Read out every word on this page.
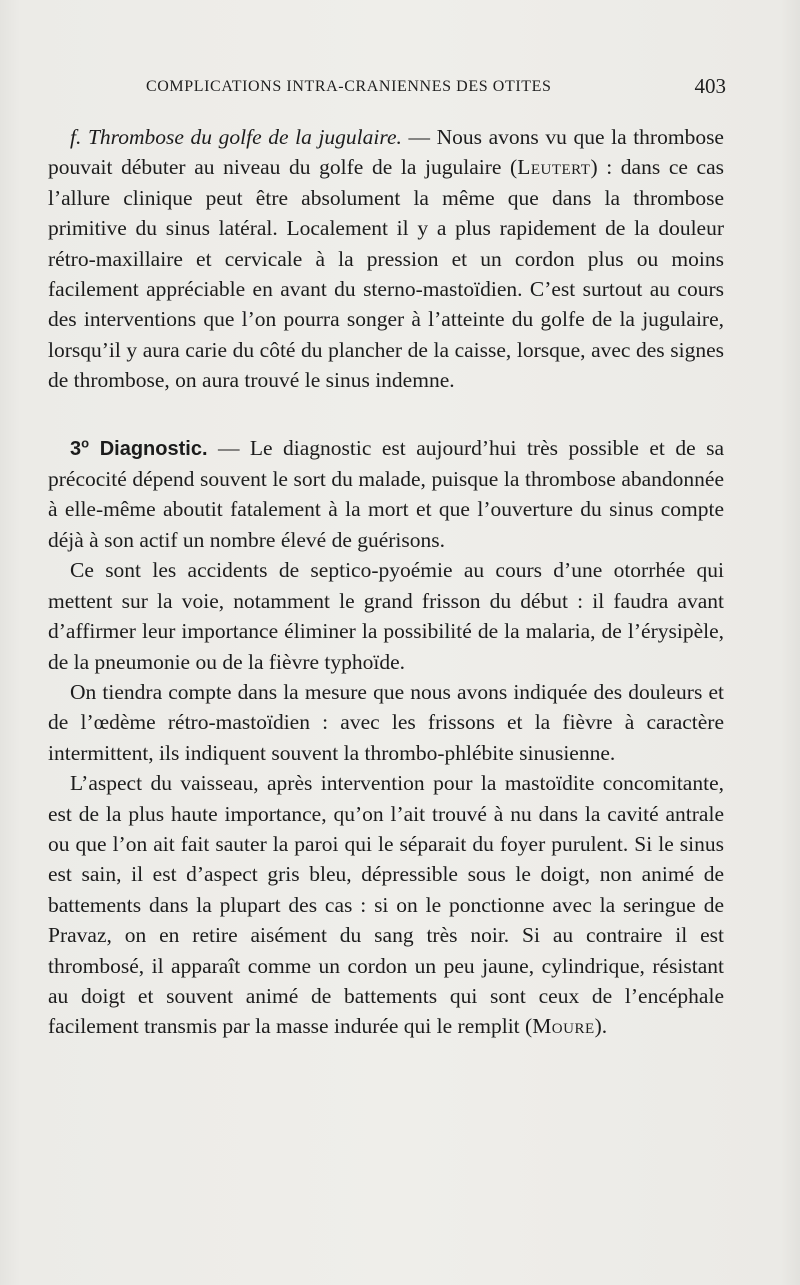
COMPLICATIONS INTRA-CRANIENNES DES OTITES	403

f. Thrombose du golfe de la jugulaire. — Nous avons vu que la thrombose pouvait débuter au niveau du golfe de la jugulaire (Leutert) : dans ce cas l’allure clinique peut être absolument la même que dans la thrombose primitive du sinus latéral. Localement il y a plus rapidement de la douleur rétro-maxillaire et cervicale à la pression et un cordon plus ou moins facilement appréciable en avant du sterno-mastoïdien. C’est surtout au cours des interventions que l’on pourra songer à l’atteinte du golfe de la jugulaire, lorsqu’il y aura carie du côté du plancher de la caisse, lorsque, avec des signes de thrombose, on aura trouvé le sinus indemne.

3$^o$ Diagnostic. — Le diagnostic est aujourd’hui très possible et de sa précocité dépend souvent le sort du malade, puisque la thrombose abandonnée à elle-même aboutit fatalement à la mort et que l’ouverture du sinus compte déjà à son actif un nombre élevé de guérisons.

Ce sont les accidents de septico-pyoémie au cours d’une otorrhée qui mettent sur la voie, notamment le grand frisson du début : il faudra avant d’affirmer leur importance éliminer la possibilité de la malaria, de l’érysipèle, de la pneumonie ou de la fièvre typhoïde.

On tiendra compte dans la mesure que nous avons indiquée des douleurs et de l’œdème rétro-mastoïdien : avec les frissons et la fièvre à caractère intermittent, ils indiquent souvent la thrombo-phlébite sinusienne.

L’aspect du vaisseau, après intervention pour la mastoïdite concomitante, est de la plus haute importance, qu’on l’ait trouvé à nu dans la cavité antrale ou que l’on ait fait sauter la paroi qui le séparait du foyer purulent. Si le sinus est sain, il est d’aspect gris bleu, dépressible sous le doigt, non animé de battements dans la plupart des cas : si on le ponctionne avec la seringue de Pravaz, on en retire aisément du sang très noir. Si au contraire il est thrombosé, il apparaît comme un cordon un peu jaune, cylindrique, résistant au doigt et souvent animé de battements qui sont ceux de l’encéphale facilement transmis par la masse indurée qui le remplit (Moure).
